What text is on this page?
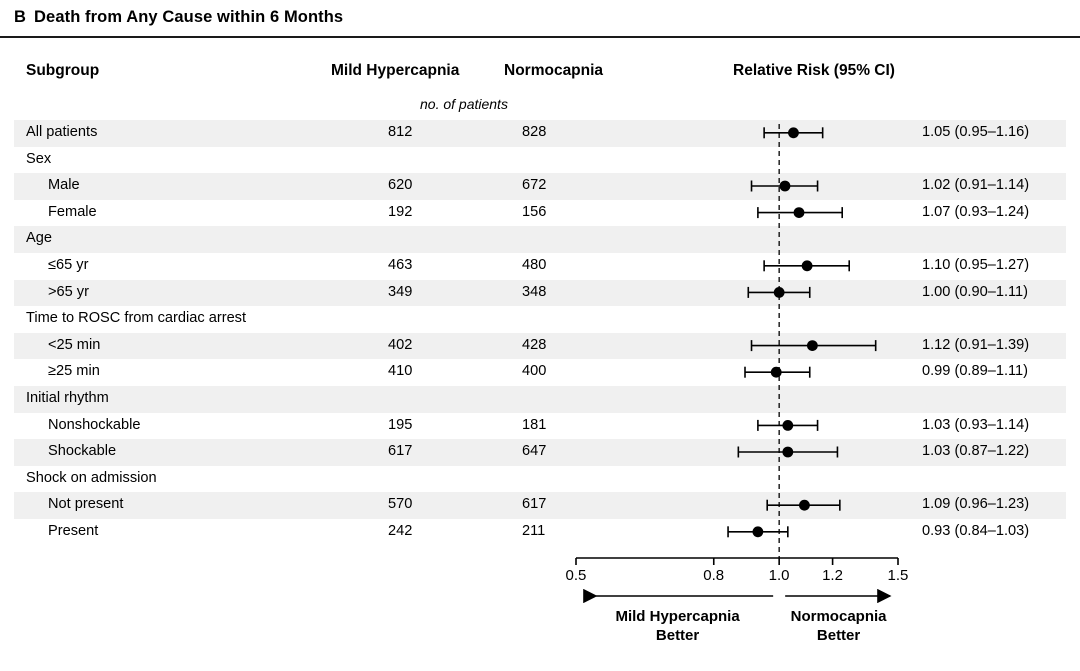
B Death from Any Cause within 6 Months
Subgroup	Mild Hypercapnia	Normocapnia	Relative Risk (95% CI)
no. of patients
All patients	812	828	1.05 (0.95–1.16)
Sex
Male	620	672	1.02 (0.91–1.14)
Female	192	156	1.07 (0.93–1.24)
Age
≤65 yr	463	480	1.10 (0.95–1.27)
>65 yr	349	348	1.00 (0.90–1.11)
Time to ROSC from cardiac arrest
<25 min	402	428	1.12 (0.91–1.39)
≥25 min	410	400	0.99 (0.89–1.11)
Initial rhythm
Nonshockable	195	181	1.03 (0.93–1.14)
Shockable	617	647	1.03 (0.87–1.22)
Shock on admission
Not present	570	617	1.09 (0.96–1.23)
Present	242	211	0.93 (0.84–1.03)
0.5	0.8	1.0 1.2	1.5
Mild Hypercapnia
Better
Normocapnia
Better
